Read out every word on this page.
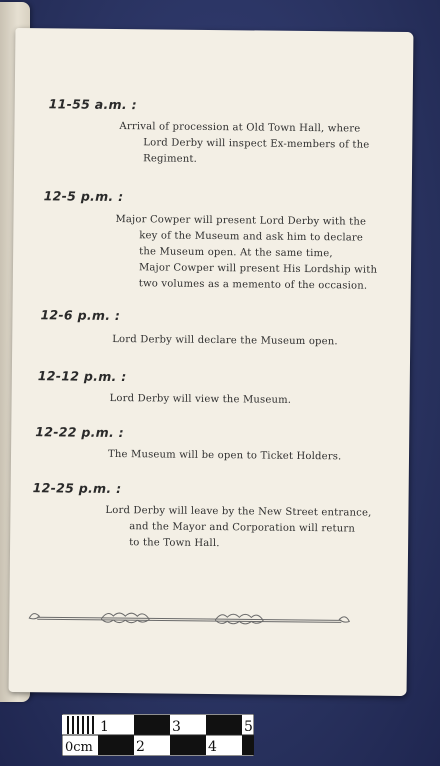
11-55 a.m. :
Arrival of procession at Old Town Hall, where
Lord Derby will inspect Ex-members of the
Regiment.
12-5 p.m. :
Major Cowper will present Lord Derby with the
key of the Museum and ask him to declare
the Museum open. At the same time,
Major Cowper will present His Lordship with
two volumes as a memento of the occasion.
12-6 p.m. :
Lord Derby will declare the Museum open.
12-12 p.m. :
Lord Derby will view the Museum.
12-22 p.m. :
The Museum will be open to Ticket Holders.
12-25 p.m. :
Lord Derby will leave by the New Street entrance,
and the Mayor and Corporation will return
to the Town Hall.
1	3	5
0cm	2	4
